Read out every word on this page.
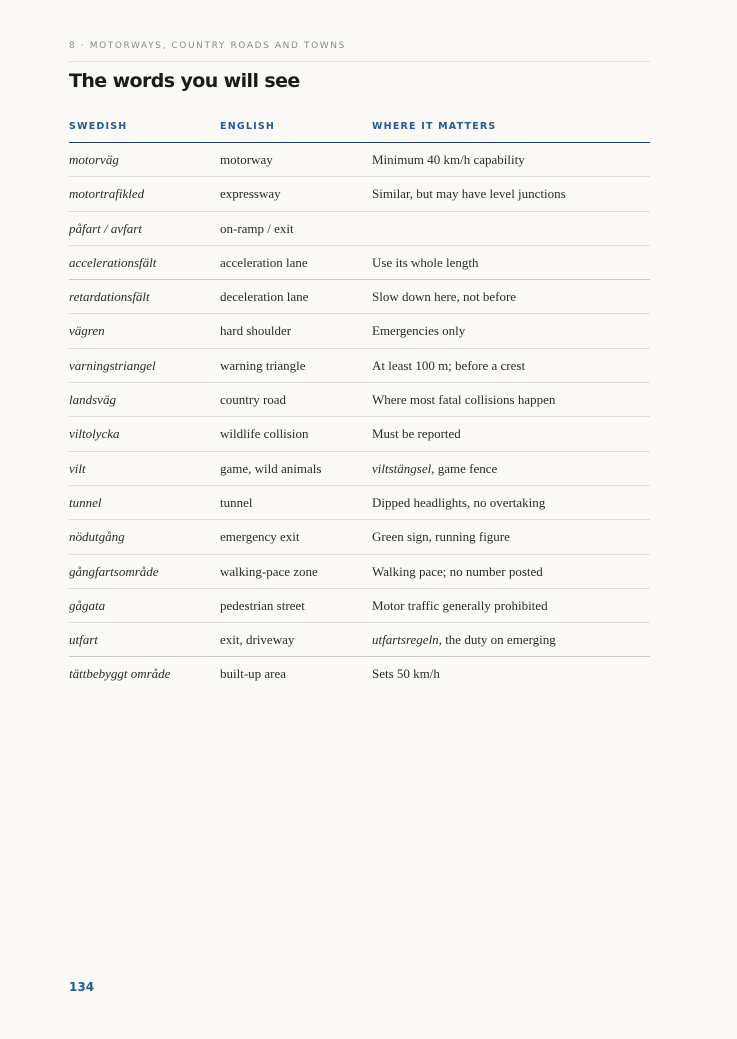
8 · MOTORWAYS, COUNTRY ROADS AND TOWNS
The words you will see
SWEDISH	ENGLISH	WHERE IT MATTERS
motorväg	motorway	Minimum 40 km/h capability
motortrafikled	expressway	Similar, but may have level junctions
påfart / avfart	on-ramp / exit
accelerationsfält	acceleration lane	Use its whole length
retardationsfält	deceleration lane	Slow down here, not before
vägren	hard shoulder	Emergencies only
varningstriangel	warning triangle	At least 100 m; before a crest
landsväg	country road	Where most fatal collisions happen
viltolycka	wildlife collision	Must be reported
vilt	game, wild animals	viltstängsel, game fence
tunnel	tunnel	Dipped headlights, no overtaking
nödutgång	emergency exit	Green sign, running figure
gångfartsområde	walking-pace zone	Walking pace; no number posted
gågata	pedestrian street	Motor traffic generally prohibited
utfart	exit, driveway	utfartsregeln, the duty on emerging
tättbebyggt område	built-up area	Sets 50 km/h
134
